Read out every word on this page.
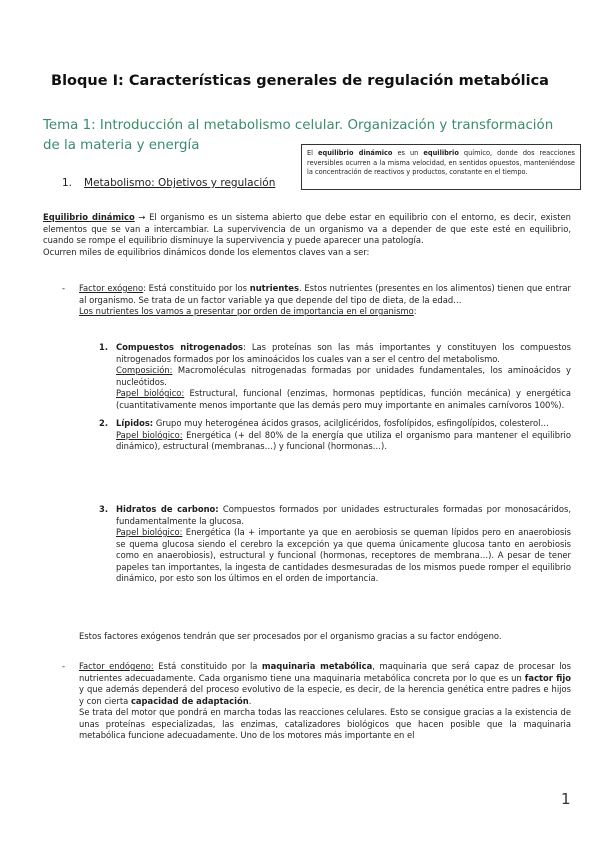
Bloque I: Características generales de regulación metabólica
Tema 1: Introducción al metabolismo celular. Organización y transformación de la materia y energía	El equilibrio dinámico es un equilibrio químico, donde dos reacciones reversibles ocurren a la misma velocidad, en sentidos opuestos, manteniéndose la concentración de reactivos y productos, constante en el tiempo.
1. Metabolismo: Objetivos y regulación
Equilibrio dinámico → El organismo es un sistema abierto que debe estar en equilibrio con el entorno, es decir, existen elementos que se van a intercambiar. La supervivencia de un organismo va a depender de que este esté en equilibrio, cuando se rompe el equilibrio disminuye la supervivencia y puede aparecer una patología.
Ocurren miles de equilibrios dinámicos donde los elementos claves van a ser:
- Factor exógeno: Está constituido por los nutrientes. Estos nutrientes (presentes en los alimentos) tienen que entrar al organismo. Se trata de un factor variable ya que depende del tipo de dieta, de la edad…
Los nutrientes los vamos a presentar por orden de importancia en el organismo:
1. Compuestos nitrogenados: Las proteínas son las más importantes y constituyen los compuestos nitrogenados formados por los aminoácidos los cuales van a ser el centro del metabolismo.
Composición: Macromoléculas nitrogenadas formadas por unidades fundamentales, los aminoácidos y nucleótidos.
Papel biológico: Estructural, funcional (enzimas, hormonas peptídicas, función mecánica) y energética (cuantitativamente menos importante que las demás pero muy importante en animales carnívoros 100%).
2. Lípidos: Grupo muy heterogénea ácidos grasos, acilglicéridos, fosfolípidos, esfingolípidos, colesterol…
Papel biológico: Energética (+ del 80% de la energía que utiliza el organismo para mantener el equilibrio dinámico), estructural (membranas…) y funcional (hormonas…).
3. Hidratos de carbono: Compuestos formados por unidades estructurales formadas por monosacáridos, fundamentalmente la glucosa.
Papel biológico: Energética (la + importante ya que en aerobiosis se queman lípidos pero en anaerobiosis se quema glucosa siendo el cerebro la excepción ya que quema únicamente glucosa tanto en aerobiosis como en anaerobiosis), estructural y funcional (hormonas, receptores de membrana…). A pesar de tener papeles tan importantes, la ingesta de cantidades desmesuradas de los mismos puede romper el equilibrio dinámico, por esto son los últimos en el orden de importancia.
Estos factores exógenos tendrán que ser procesados por el organismo gracias a su factor endógeno.
- Factor endógeno: Está constituido por la maquinaria metabólica, maquinaria que será capaz de procesar los nutrientes adecuadamente. Cada organismo tiene una maquinaria metabólica concreta por lo que es un factor fijo y que además dependerá del proceso evolutivo de la especie, es decir, de la herencia genética entre padres e hijos y con cierta capacidad de adaptación.
Se trata del motor que pondrá en marcha todas las reacciones celulares. Esto se consigue gracias a la existencia de unas proteínas especializadas, las enzimas, catalizadores biológicos que hacen posible que la maquinaria metabólica funcione adecuadamente. Uno de los motores más importante en el
1
